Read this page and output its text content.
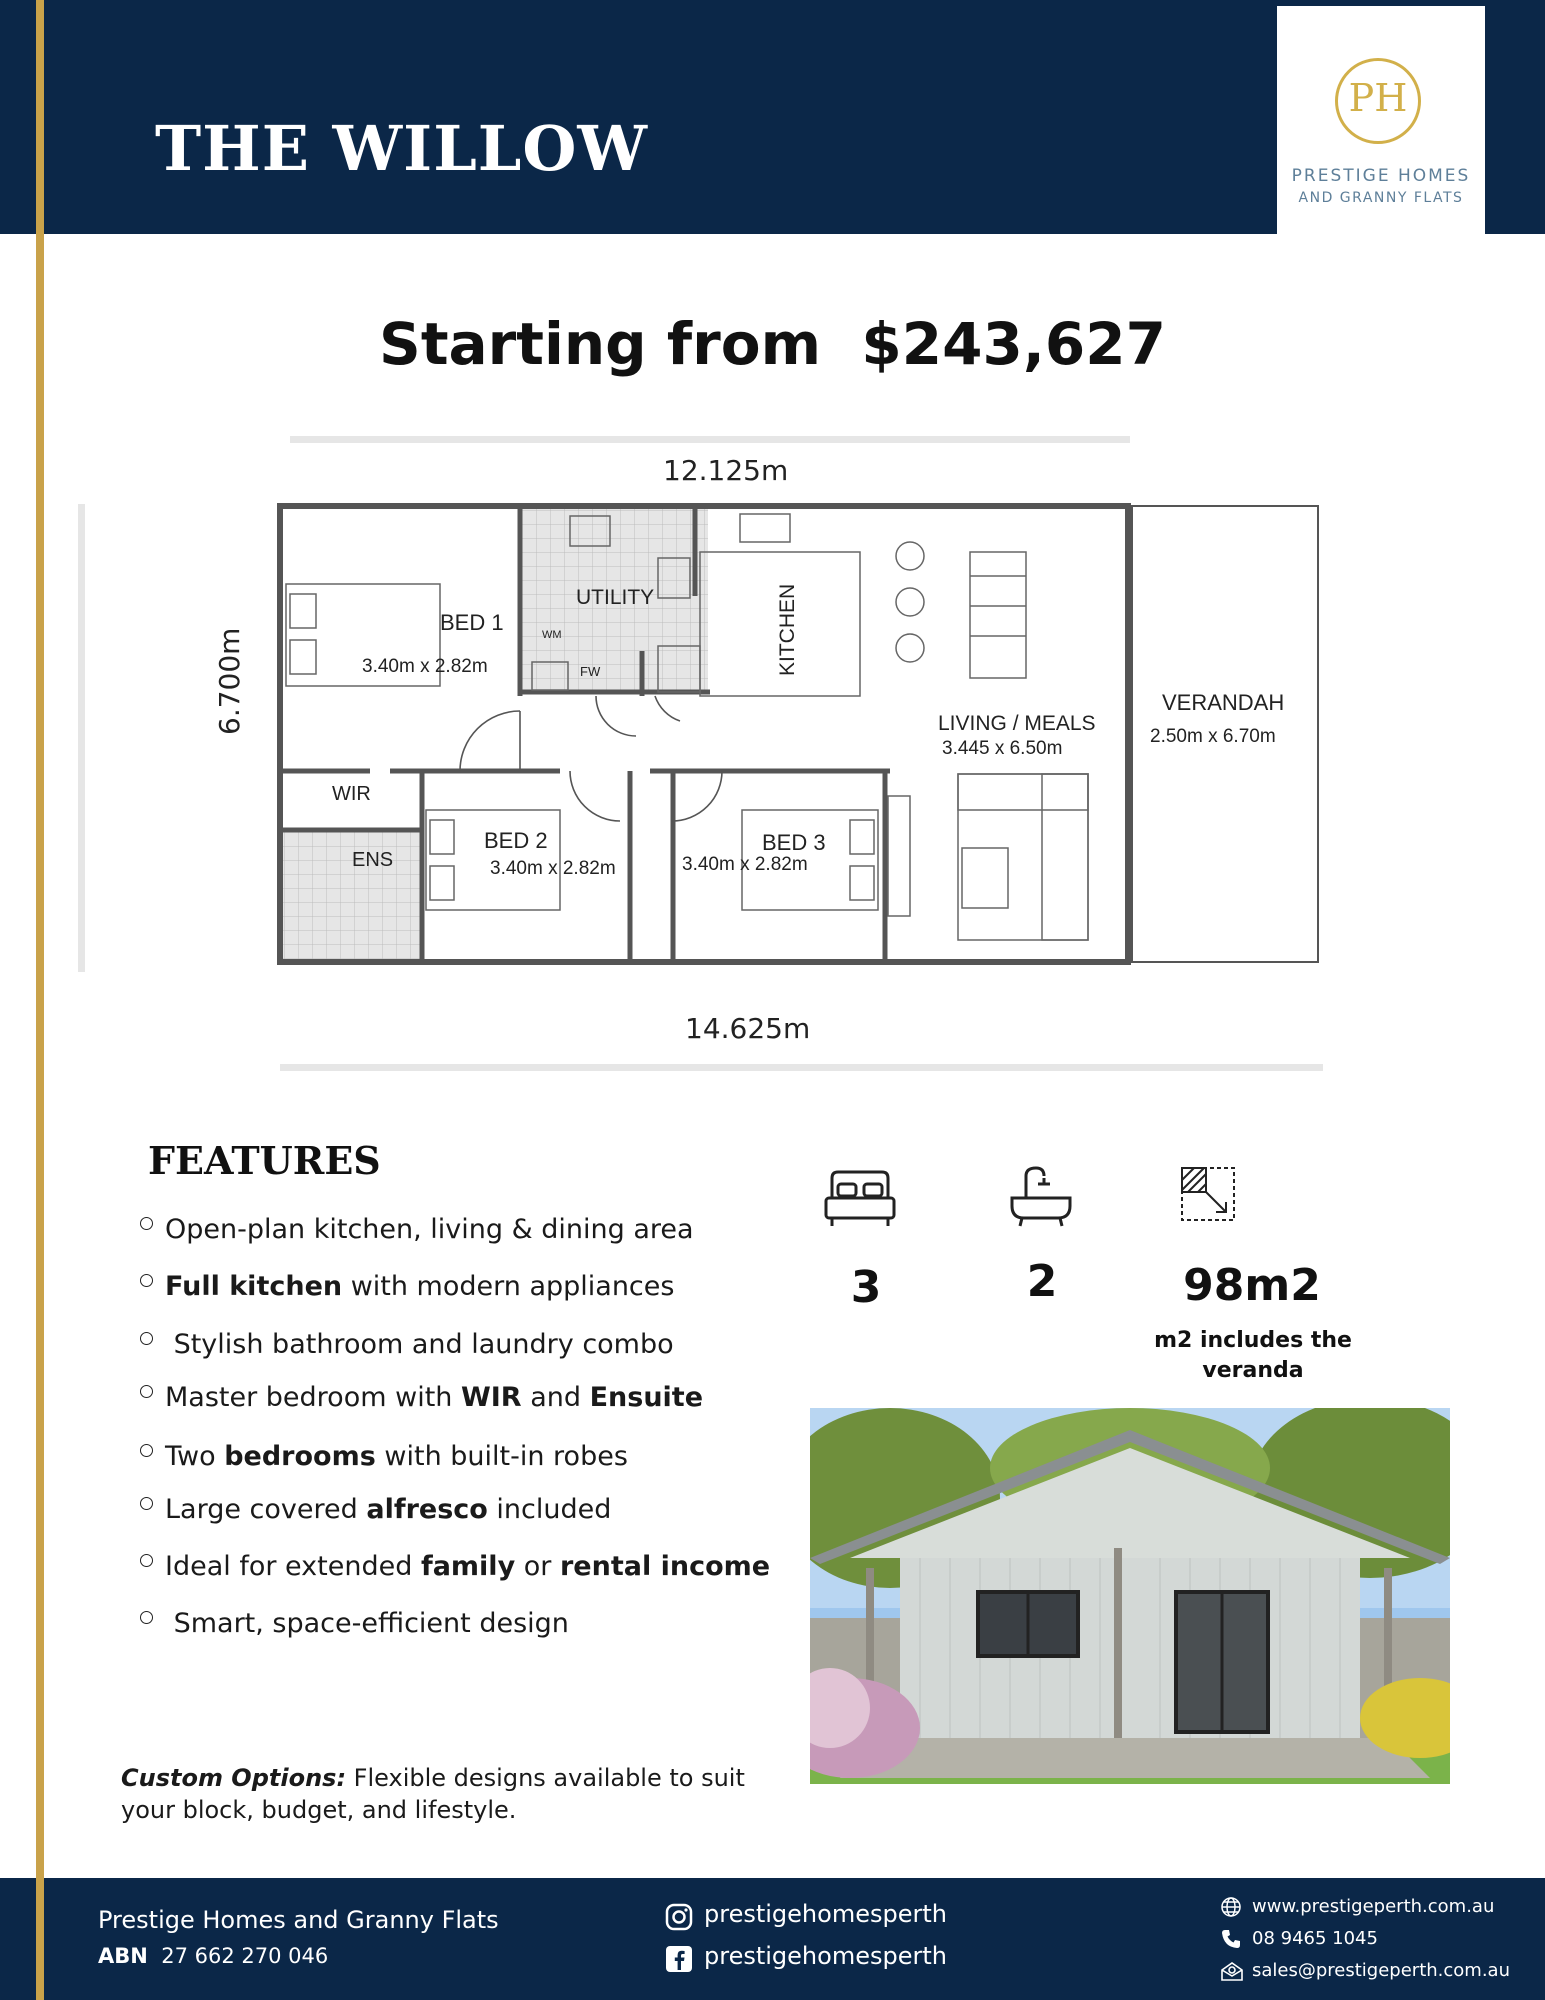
THE WILLOW
PH
PRESTIGE HOMES
AND GRANNY FLATS
Starting from $243,627
12.125m
6.700m
14.625m
BED 1
3.40m x 2.82m
UTILITY
WM
FW	KITCHEN
LIVING / MEALS
3.445 x 6.50m
VERANDAH
2.50m x 6.70m
WIR
ENS
BED 2
3.40m x 2.82m
BED 3
3.40m x 2.82m
FEATURES
Open-plan kitchen, living & dining area
Full kitchen with modern appliances
Stylish bathroom and laundry combo
Master bedroom with WIR and Ensuite
Two bedrooms with built-in robes
Large covered alfresco included
Ideal for extended family or rental income
Smart, space-efficient design
3	2	98m2
m2 includes the veranda
Custom Options: Flexible designs available to suit your block, budget, and lifestyle.
Prestige Homes and Granny Flats
ABN 27 662 270 046
prestigehomesperth
prestigehomesperth
www.prestigeperth.com.au
08 9465 1045
sales@prestigeperth.com.au
